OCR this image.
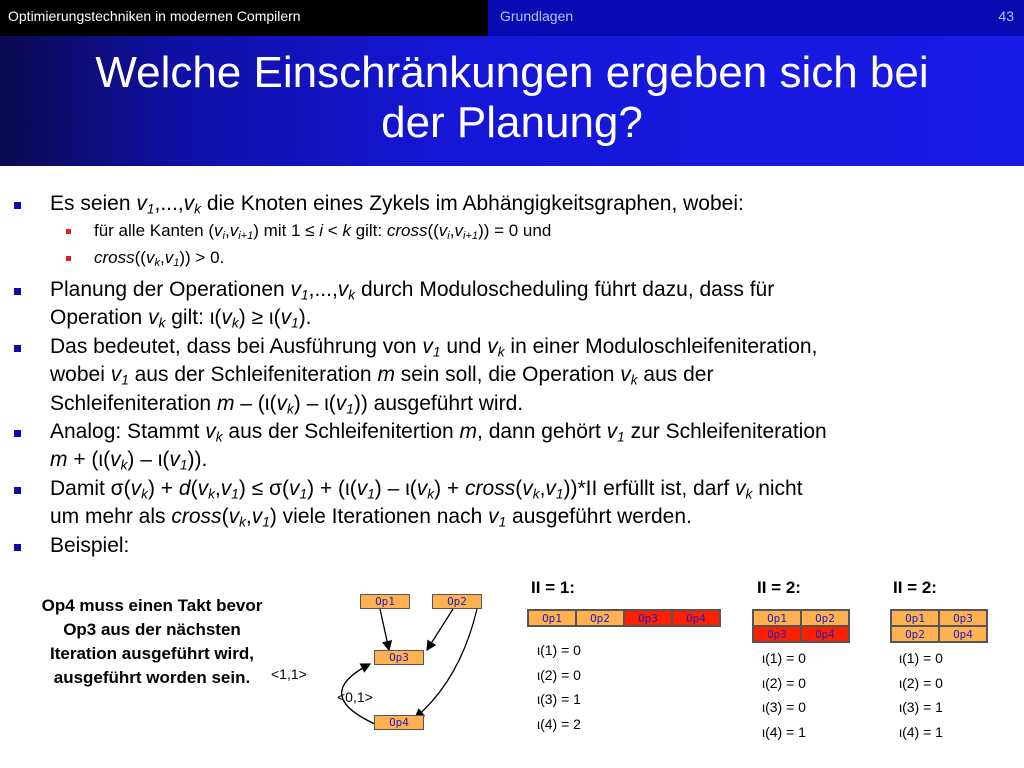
Optimierungstechniken in modernen Compilern	Grundlagen	43
Welche Einschränkungen ergeben sich bei
der Planung?
Es seien $v_1,...,v_k$ die Knoten eines Zykels im Abhängigkeitsgraphen, wobei:
für alle Kanten $(v_i,v_{i+1})$ mit 1 ≤ i < k gilt: $cross((v_i,v_{i+1})) = 0$ und
$cross((v_k,v_1)) > 0$.
Planung der Operationen $v_1,...,v_k$ durch Moduloscheduling führt dazu, dass für
Operation $v_k$ gilt: $\iota(v_k) \ge \iota(v_1)$.
Das bedeutet, dass bei Ausführung von $v_1$ und $v_k$ in einer Moduloschleifeniteration,
wobei $v_1$ aus der Schleifeniteration m sein soll, die Operation $v_k$ aus der
Schleifeniteration m – $(\iota(v_k) - \iota(v_1))$ ausgeführt wird.
Analog: Stammt $v_k$ aus der Schleifenitertion m, dann gehört $v_1$ zur Schleifeniteration
$m + (\iota(v_k) - \iota(v_1))$.
Damit $\sigma(v_k) + d(v_k,v_1) \le \sigma(v_1) + (\iota(v_1) - \iota(v_k)$ + $cross(v_k,v_1))*II$ erfüllt ist, darf $v_k$ nicht
um mehr als $cross(v_k,v_1)$ viele Iterationen nach $v_1$ ausgeführt werden.
Beispiel:
Op4 muss einen Takt bevor Op3 aus der nächsten Iteration ausgeführt wird, ausgeführt worden sein.
Op1	Op2
Op3
Op4
<1,1>
<0,1>
II = 1:
Op1	Op2	Op3	Op4
ι(1) = 0
ι(2) = 0
ι(3) = 1
ι(4) = 2
II = 2:
Op1	Op2
Op3	Op4
ι(1) = 0
ι(2) = 0
ι(3) = 0
ι(4) = 1
II = 2:
Op1	Op3
Op2	Op4
ι(1) = 0
ι(2) = 0
ι(3) = 1
ι(4) = 1
